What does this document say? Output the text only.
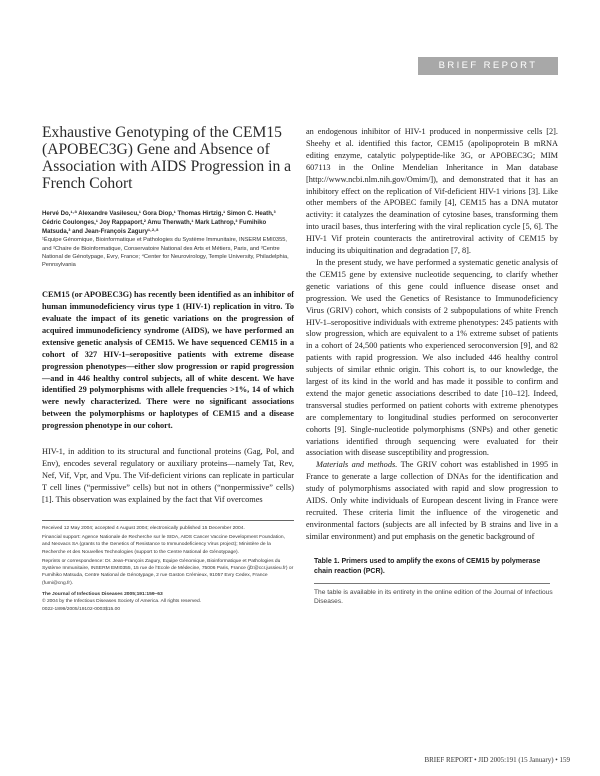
BRIEF REPORT
Exhaustive Genotyping of the CEM15 (APOBEC3G) Gene and Absence of Association with AIDS Progression in a French Cohort
Hervé Do,¹·ª Alexandre Vasilescu,¹ Gora Diop,¹ Thomas Hirtzig,¹ Simon C. Heath,³ Cédric Coulonges,¹ Joy Rappaport,² Amu Therwath,¹ Mark Lathrop,³ Fumihiko Matsuda,³ and Jean-François Zagury¹·²·ª
¹Équipe Génomique, Bioinformatique et Pathologies du Système Immunitaire, INSERM EMI0355, and ²Chaire de Bioinformatique, Conservatoire National des Arts et Métiers, Paris, and ³Centre National de Génotypage, Evry, France; ⁴Center for Neurovirology, Temple University, Philadelphia, Pennsylvania
CEM15 (or APOBEC3G) has recently been identified as an inhibitor of human immunodeficiency virus type 1 (HIV-1) replication in vitro. To evaluate the impact of its genetic variations on the progression of acquired immunodeficiency syndrome (AIDS), we have performed an extensive genetic analysis of CEM15. We have sequenced CEM15 in a cohort of 327 HIV-1–seropositive patients with extreme disease progression phenotypes—either slow progression or rapid progression—and in 446 healthy control subjects, all of white descent. We have identified 29 polymorphisms with allele frequencies >1%, 14 of which were newly characterized. There were no significant associations between the polymorphisms or haplotypes of CEM15 and a disease progression phenotype in our cohort.
HIV-1, in addition to its structural and functional proteins (Gag, Pol, and Env), encodes several regulatory or auxiliary proteins—namely Tat, Rev, Nef, Vif, Vpr, and Vpu. The Vif-deficient virions can replicate in particular T cell lines (“permissive” cells) but not in others (“nonpermissive” cells) [1]. This observation was explained by the fact that Vif overcomes

Received 12 May 2004; accepted 4 August 2004; electronically published 15 December 2004.

Financial support: Agence Nationale de Recherche sur le SIDA, AIDS Cancer Vaccine Development Foundation, and Neovacs SA (grants to the Genetics of Resistance to Immunodeficiency Virus project); Ministère de la Recherche et des Nouvelles Technologies (support to the Centre National de Génotypage).

Reprints or correspondence: Dr. Jean-François Zagury, Equipe Génomique, Bioinformatique et Pathologies du Système Immunitaire, INSERM EMI0355, 15 rue de l’Ecole de Médecine, 75006 Paris, France (jfz@ccr.jussieu.fr) or Fumihiko Matsuda, Centre National de Génotypage, 2 rue Gaston Crémieux, 91057 Evry Cedex, France (fumi@cng.fr).

The Journal of Infectious Diseases 2005;191:159–63
© 2004 by the Infectious Diseases Society of America. All rights reserved.
0022-1899/2005/19102-0003$15.00

an endogenous inhibitor of HIV-1 produced in nonpermissive cells [2]. Sheehy et al. identified this factor, CEM15 (apolipoprotein B mRNA editing enzyme, catalytic polypeptide-like 3G, or APOBEC3G; MIM 607113 in the Online Mendelian Inheritance in Man database [http://www.ncbi.nlm.nih.gov/Omim/]), and demonstrated that it has an inhibitory effect on the replication of Vif-deficient HIV-1 virions [3]. Like other members of the APOBEC family [4], CEM15 has a DNA mutator activity: it catalyzes the deamination of cytosine bases, transforming them into uracil bases, thus interfering with the viral replication cycle [5, 6]. The HIV-1 Vif protein counteracts the antiretroviral activity of CEM15 by inducing its ubiquitination and degradation [7, 8].

In the present study, we have performed a systematic genetic analysis of the CEM15 gene by extensive nucleotide sequencing, to clarify whether genetic variations of this gene could influence disease onset and progression. We used the Genetics of Resistance to Immunodeficiency Virus (GRIV) cohort, which consists of 2 subpopulations of white French HIV-1–seropositive individuals with extreme phenotypes: 245 patients with slow progression, which are equivalent to a 1% extreme subset of patients in a cohort of 24,500 patients who experienced seroconversion [9], and 82 patients with rapid progression. We also included 446 healthy control subjects of similar ethnic origin. This cohort is, to our knowledge, the largest of its kind in the world and has made it possible to confirm and extend the major genetic associations described to date [10–12]. Indeed, transversal studies performed on patient cohorts with extreme phenotypes are complementary to longitudinal studies performed on seroconverter cohorts [9]. Single-nucleotide polymorphisms (SNPs) and other genetic variations identified through sequencing were evaluated for their association with disease susceptibility and progression.

Materials and methods. The GRIV cohort was established in 1995 in France to generate a large collection of DNAs for the identification and study of polymorphisms associated with rapid and slow progression to AIDS. Only white individuals of European descent living in France were recruited. These criteria limit the influence of the virogenetic and environmental factors (subjects are all infected by B strains and live in a similar environment) and put emphasis on the genetic background of

Table 1. Primers used to amplify the exons of CEM15 by polymerase chain reaction (PCR).
The table is available in its entirety in the online edition of the Journal of Infectious Diseases.
BRIEF REPORT • JID 2005:191 (15 January) • 159
